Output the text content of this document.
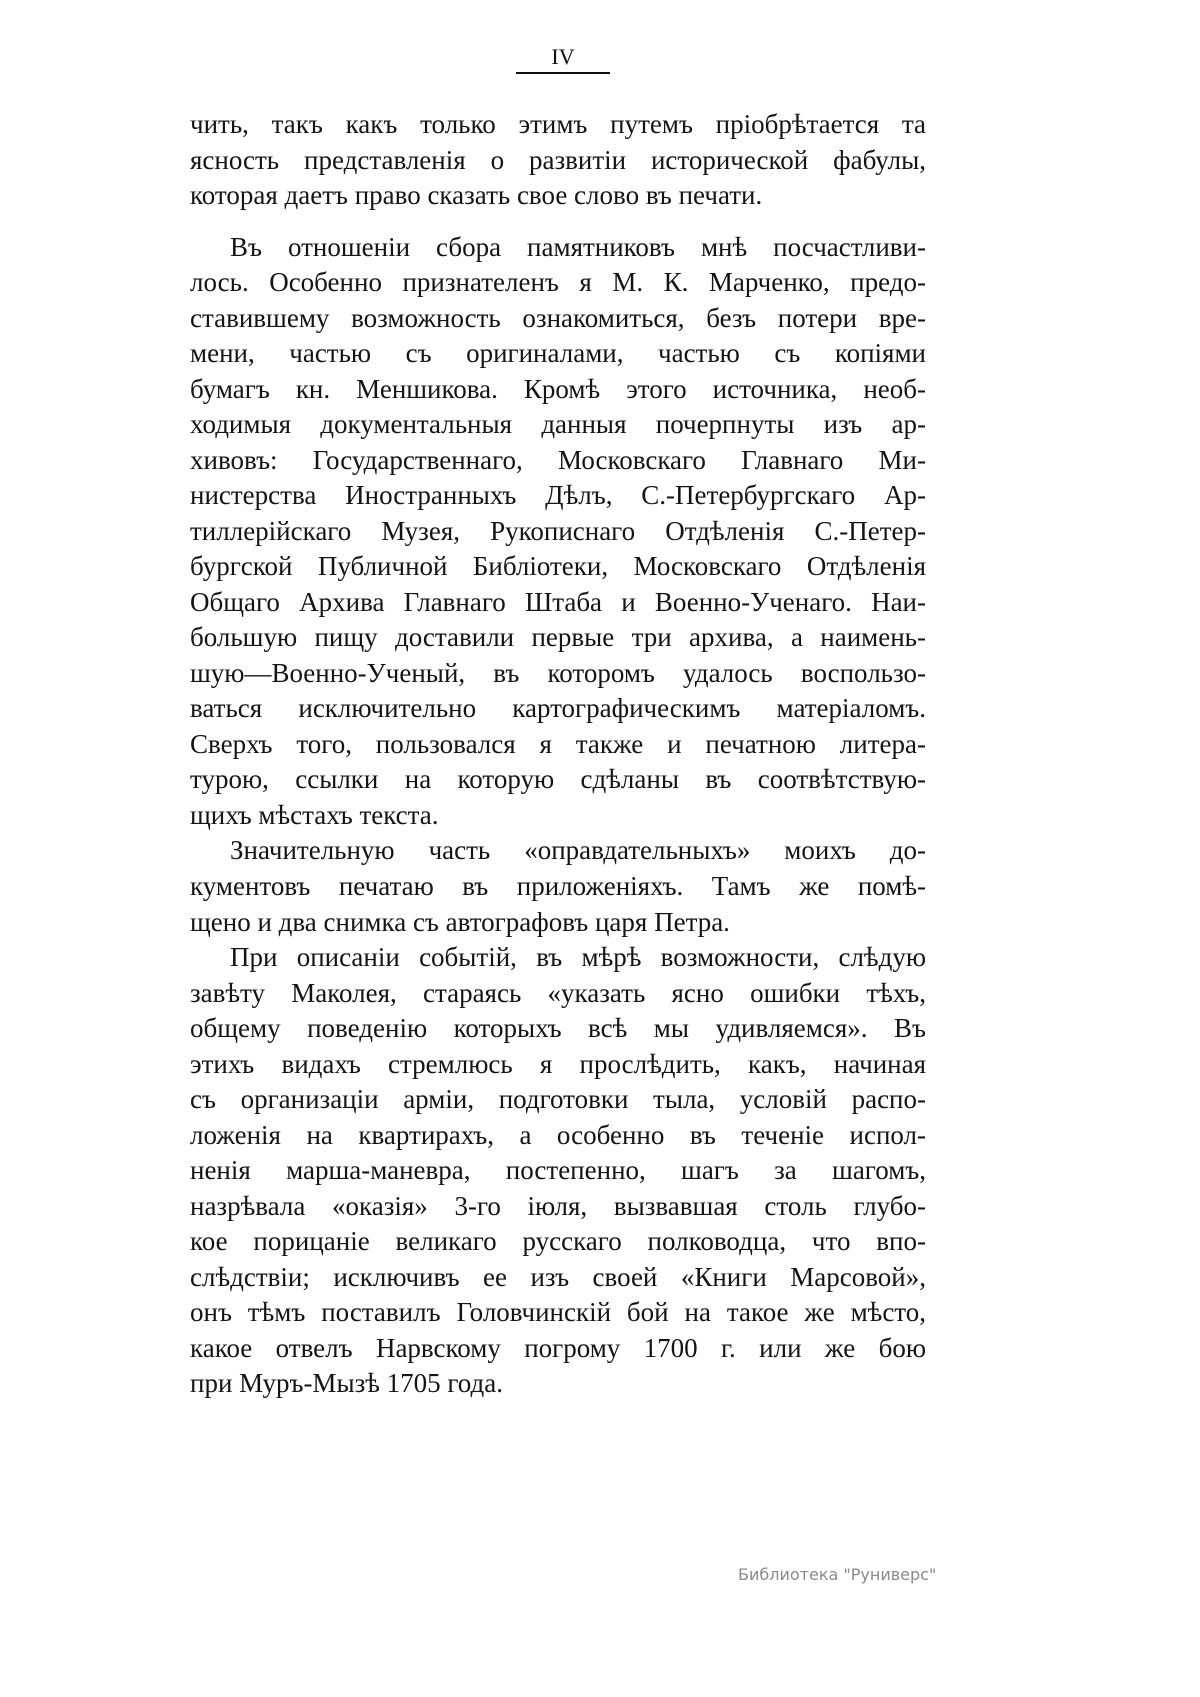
IV
чить, такъ какъ только этимъ путемъ пріобрѣтается та
ясность представленія о развитіи исторической фабулы,
которая даетъ право сказать свое слово въ печати.
Въ отношеніи сбора памятниковъ мнѣ посчастливи-
лось. Особенно признателенъ я М. К. Марченко, предо-
ставившему возможность ознакомиться, безъ потери вре-
мени, частью съ оригиналами, частью съ копіями
бумагъ кн. Меншикова. Кромѣ этого источника, необ-
ходимыя документальныя данныя почерпнуты изъ ар-
хивовъ: Государственнаго, Московскаго Главнаго Ми-
нистерства Иностранныхъ Дѣлъ, С.-Петербургскаго Ар-
тиллерійскаго Музея, Рукописнаго Отдѣленія С.-Петер-
бургской Публичной Библіотеки, Московскаго Отдѣленія
Общаго Архива Главнаго Штаба и Военно-Ученаго. Наи-
большую пищу доставили первые три архива, а наимень-
шую—Военно-Ученый, въ которомъ удалось воспользо-
ваться исключительно картографическимъ матеріаломъ.
Сверхъ того, пользовался я также и печатною литера-
турою, ссылки на которую сдѣланы въ соотвѣтствую-
щихъ мѣстахъ текста.
Значительную часть «оправдательныхъ» моихъ до-
кументовъ печатаю въ приложеніяхъ. Тамъ же помѣ-
щено и два снимка съ автографовъ царя Петра.
При описаніи событій, въ мѣрѣ возможности, слѣдую
завѣту Маколея, стараясь «указать ясно ошибки тѣхъ,
общему поведенію которыхъ всѣ мы удивляемся». Въ
этихъ видахъ стремлюсь я прослѣдить, какъ, начиная
съ организаціи арміи, подготовки тыла, условій распо-
ложенія на квартирахъ, а особенно въ теченіе испол-
ненія марша-маневра, постепенно, шагъ за шагомъ,
назрѣвала «оказія» 3-го іюля, вызвавшая столь глубо-
кое порицаніе великаго русскаго полководца, что впо-
слѣдствіи; исключивъ ее изъ своей «Книги Марсовой»,
онъ тѣмъ поставилъ Головчинскій бой на такое же мѣсто,
какое отвелъ Нарвскому погрому 1700 г. или же бою
при Муръ-Мызѣ 1705 года.
Библиотека "Руниверс"
